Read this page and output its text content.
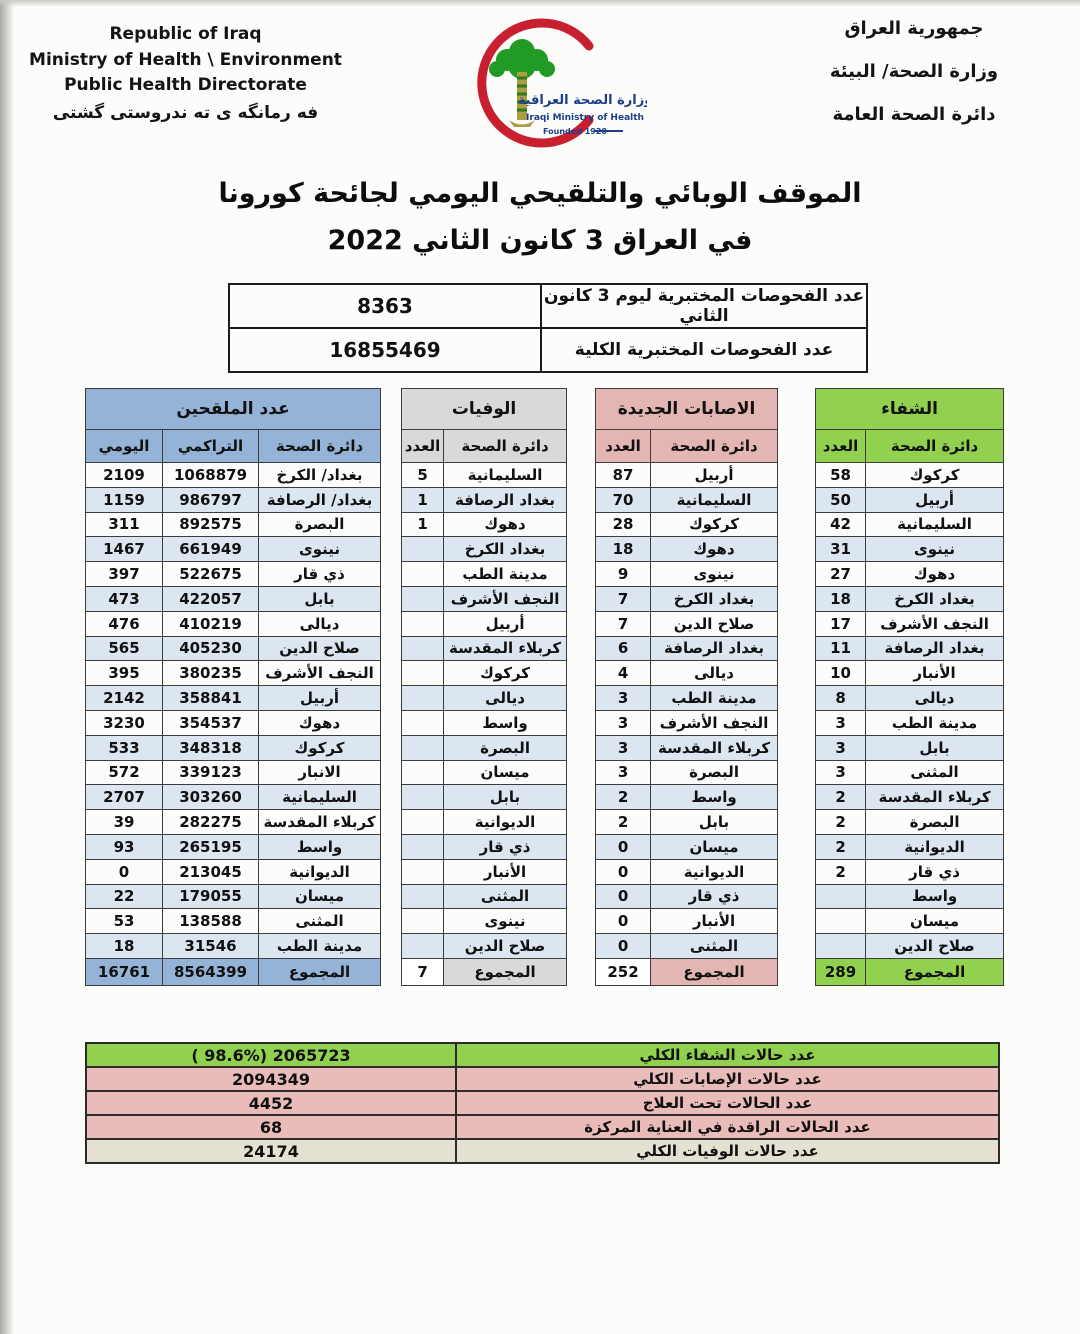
Republic of Iraq
Ministry of Health \ Environment
Public Health Directorate
فه رمانگه ی ته ندروستی گشتی
وزارة الصحة العراقية
Iraqi Ministry of Health
Founded 1920
جمهورية العراق
وزارة الصحة/ البيئة
دائرة الصحة العامة
الموقف الوبائي والتلقيحي اليومي لجائحة كورونا
في العراق 3 كانون الثاني 2022
8363	عدد الفحوصات المختبرية ليوم 3 كانون الثاني
16855469	عدد الفحوصات المختبرية الكلية
عدد الملقحين		
اليومي	التراكمي	دائرة الصحة
2109	1068879	بغداد/ الكرخ
1159	986797	بغداد/ الرصافة
311	892575	البصرة
1467	661949	نينوى
397	522675	ذي قار
473	422057	بابل
476	410219	ديالى
565	405230	صلاح الدين
395	380235	النجف الأشرف
2142	358841	أربيل
3230	354537	دهوك
533	348318	كركوك
572	339123	الانبار
2707	303260	السليمانية
39	282275	كربلاء المقدسة
93	265195	واسط
0	213045	الديوانية
22	179055	ميسان
53	138588	المثنى
18	31546	مدينة الطب
16761	8564399	المجموع
الوفيات	
العدد	دائرة الصحة
5	السليمانية
1	بغداد الرصافة
1	دهوك
	بغداد الكرخ
	مدينة الطب
	النجف الأشرف
	أربيل
	كربلاء المقدسة
	كركوك
	ديالى
	واسط
	البصرة
	ميسان
	بابل
	الديوانية
	ذي قار
	الأنبار
	المثنى
	نينوى
	صلاح الدين
7	المجموع
الاصابات الجديدة	
العدد	دائرة الصحة
87	أربيل
70	السليمانية
28	كركوك
18	دهوك
9	نينوى
7	بغداد الكرخ
7	صلاح الدين
6	بغداد الرصافة
4	ديالى
3	مدينة الطب
3	النجف الأشرف
3	كربلاء المقدسة
3	البصرة
2	واسط
2	بابل
0	ميسان
0	الديوانية
0	ذي قار
0	الأنبار
0	المثنى
252	المجموع
الشفاء	
العدد	دائرة الصحة
58	كركوك
50	أربيل
42	السليمانية
31	نينوى
27	دهوك
18	بغداد الكرخ
17	النجف الأشرف
11	بغداد الرصافة
10	الأنبار
8	ديالى
3	مدينة الطب
3	بابل
3	المثنى
2	كربلاء المقدسة
2	البصرة
2	الديوانية
2	ذي قار
	واسط
	ميسان
	صلاح الدين
289	المجموع
( 98.6%) 2065723	عدد حالات الشفاء الكلي
2094349	عدد حالات الإصابات الكلي
4452	عدد الحالات تحت العلاج
68	عدد الحالات الراقدة في العناية المركزة
24174	عدد حالات الوفيات الكلي
